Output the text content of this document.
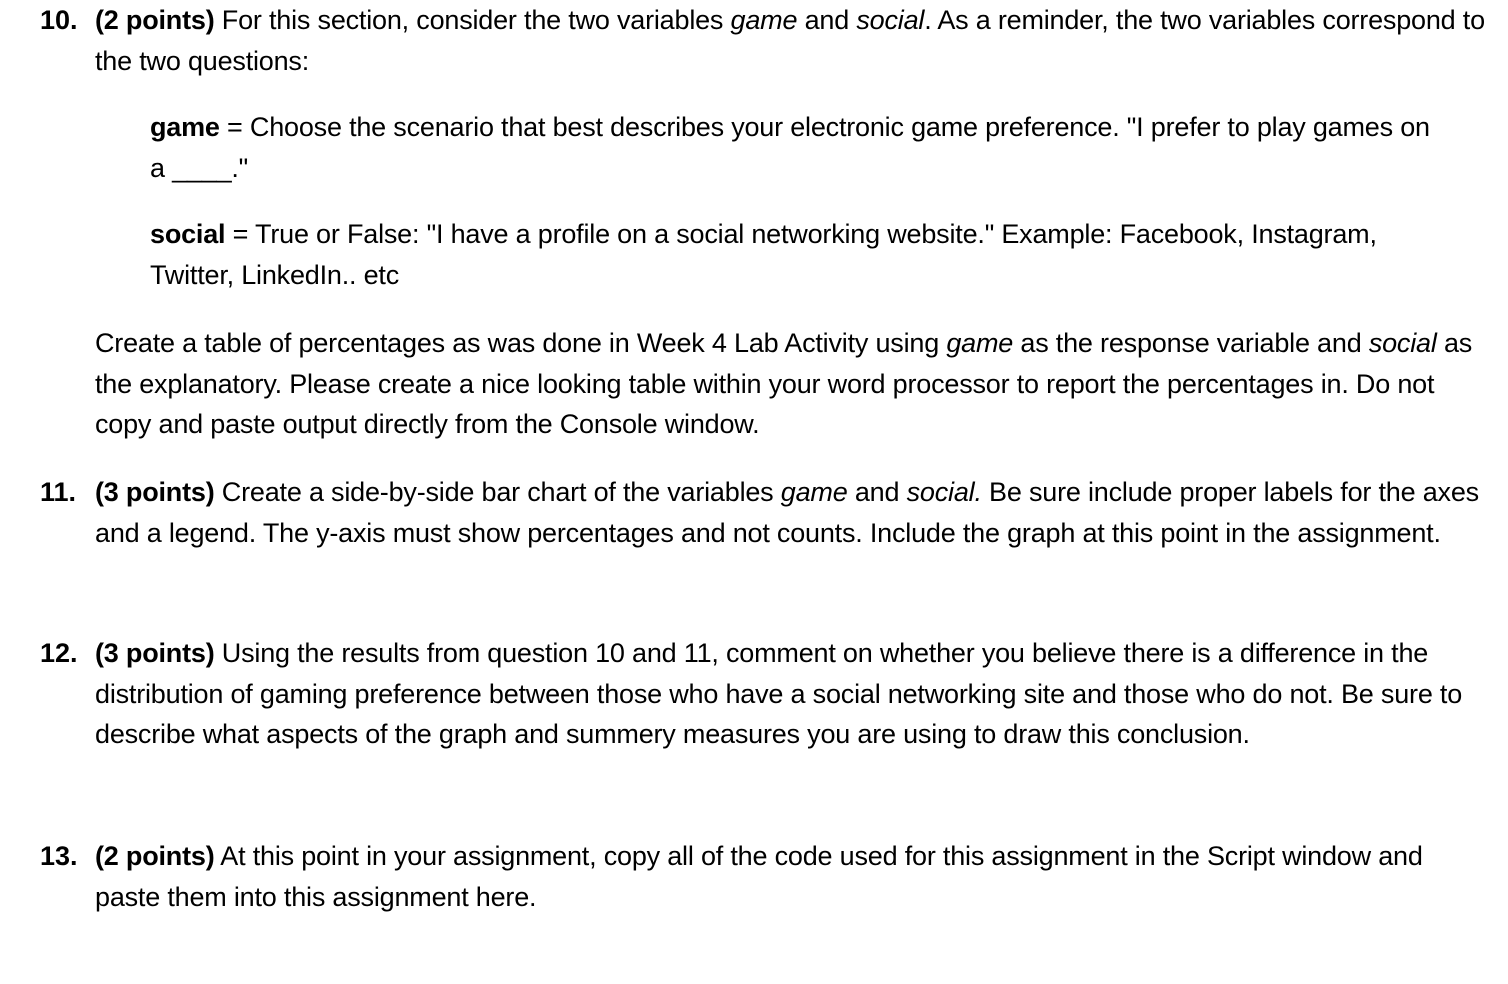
10. (2 points) For this section, consider the two variables game and social. As a reminder, the two variables correspond to the two questions:
game = Choose the scenario that best describes your electronic game preference. "I prefer to play games on a ____."
social = True or False: "I have a profile on a social networking website." Example: Facebook, Instagram, Twitter, LinkedIn.. etc
Create a table of percentages as was done in Week 4 Lab Activity using game as the response variable and social as the explanatory. Please create a nice looking table within your word processor to report the percentages in. Do not copy and paste output directly from the Console window.
11. (3 points) Create a side-by-side bar chart of the variables game and social. Be sure include proper labels for the axes and a legend. The y-axis must show percentages and not counts. Include the graph at this point in the assignment.
12. (3 points) Using the results from question 10 and 11, comment on whether you believe there is a difference in the distribution of gaming preference between those who have a social networking site and those who do not. Be sure to describe what aspects of the graph and summery measures you are using to draw this conclusion.
13. (2 points) At this point in your assignment, copy all of the code used for this assignment in the Script window and paste them into this assignment here.
